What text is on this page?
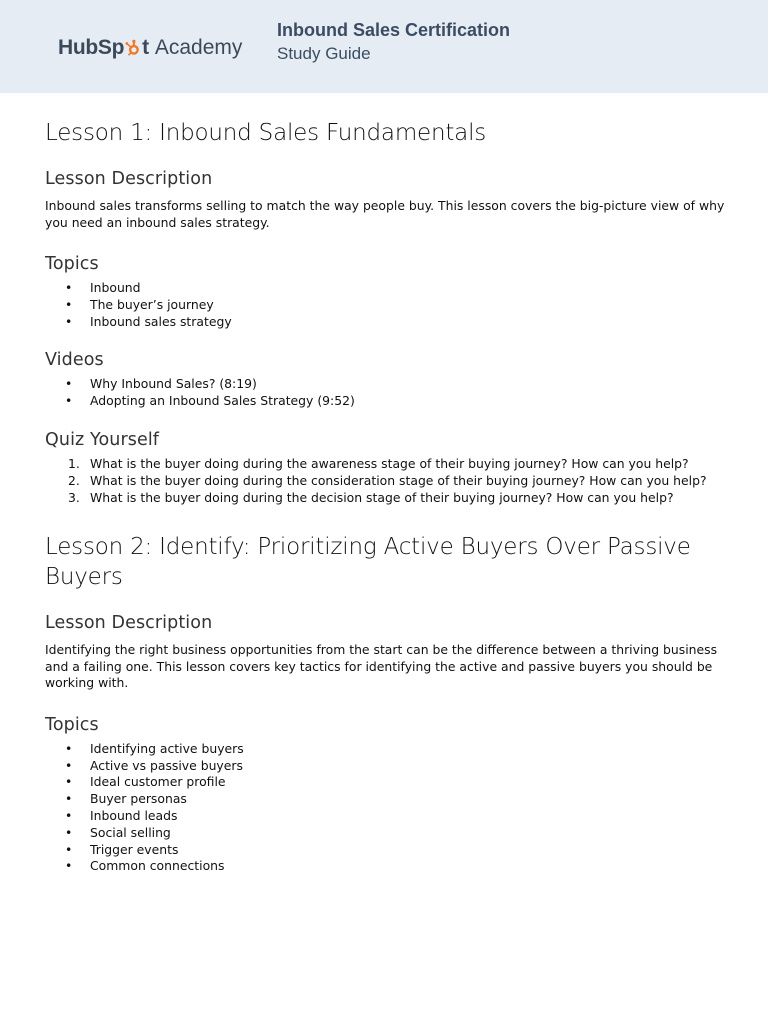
HubSp t Academy
Inbound Sales Certification
Study Guide
Lesson 1: Inbound Sales Fundamentals
Lesson Description
Inbound sales transforms selling to match the way people buy. This lesson covers the big-picture view of why you need an inbound sales strategy.
Topics
• Inbound
• The buyer’s journey
• Inbound sales strategy
Videos
• Why Inbound Sales? (8:19)
• Adopting an Inbound Sales Strategy (9:52)
Quiz Yourself
1. What is the buyer doing during the awareness stage of their buying journey? How can you help?
2. What is the buyer doing during the consideration stage of their buying journey? How can you help?
3. What is the buyer doing during the decision stage of their buying journey? How can you help?
Lesson 2: Identify: Prioritizing Active Buyers Over Passive Buyers
Lesson Description
Identifying the right business opportunities from the start can be the difference between a thriving business and a failing one. This lesson covers key tactics for identifying the active and passive buyers you should be working with.
Topics
• Identifying active buyers
• Active vs passive buyers
• Ideal customer profile
• Buyer personas
• Inbound leads
• Social selling
• Trigger events
• Common connections
